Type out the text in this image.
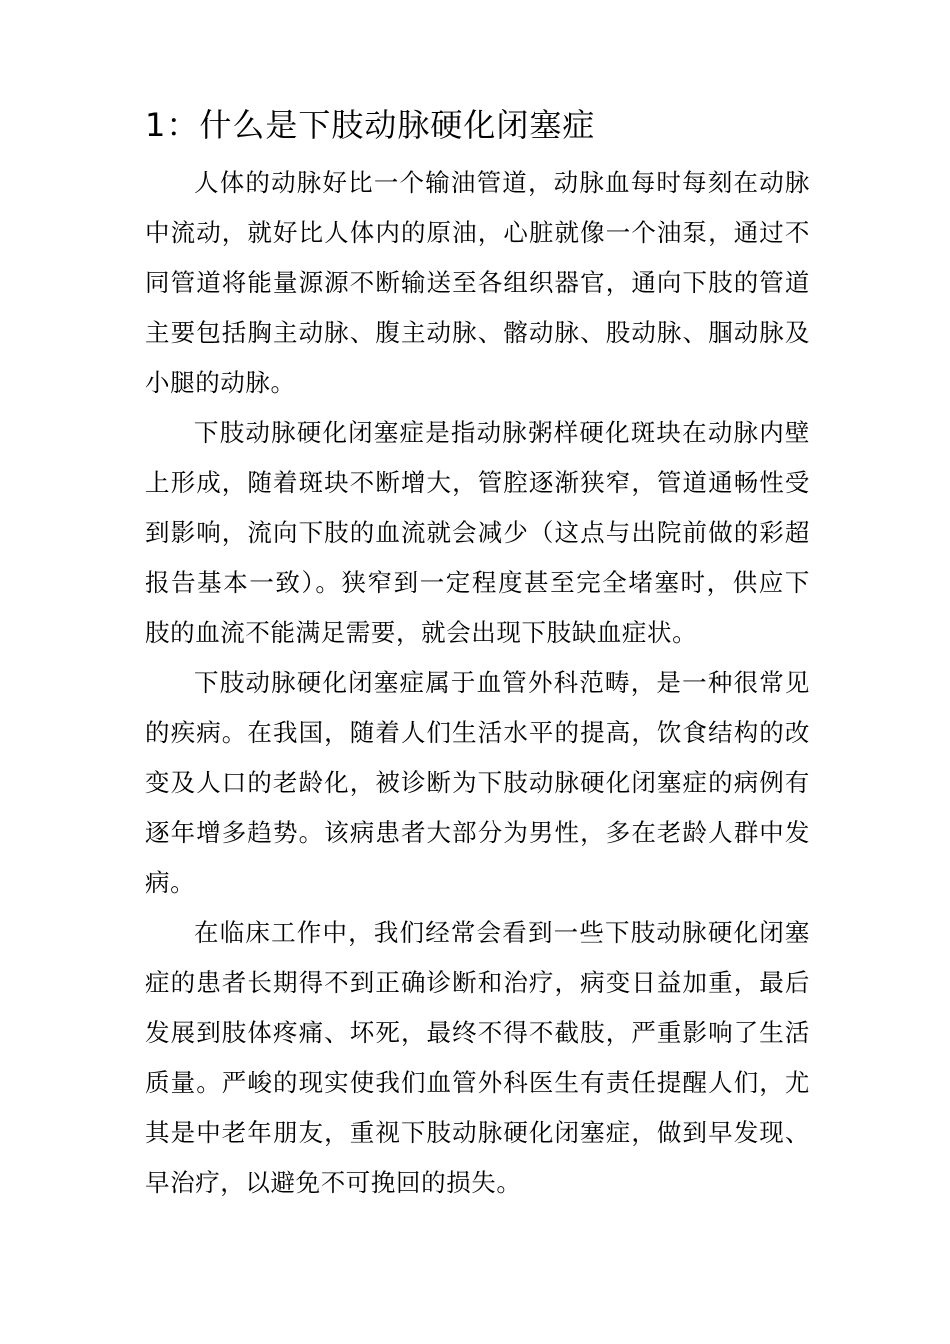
1：什么是下肢动脉硬化闭塞症

人体的动脉好比一个输油管道，动脉血每时每刻在动脉中流动，就好比人体内的原油，心脏就像一个油泵，通过不同管道将能量源源不断输送至各组织器官，通向下肢的管道主要包括胸主动脉、腹主动脉、髂动脉、股动脉、腘动脉及小腿的动脉。

下肢动脉硬化闭塞症是指动脉粥样硬化斑块在动脉内壁上形成，随着斑块不断增大，管腔逐渐狭窄，管道通畅性受到影响，流向下肢的血流就会减少（这点与出院前做的彩超报告基本一致）。狭窄到一定程度甚至完全堵塞时，供应下肢的血流不能满足需要，就会出现下肢缺血症状。

下肢动脉硬化闭塞症属于血管外科范畴，是一种很常见的疾病。在我国，随着人们生活水平的提高，饮食结构的改变及人口的老龄化，被诊断为下肢动脉硬化闭塞症的病例有逐年增多趋势。该病患者大部分为男性，多在老龄人群中发病。

在临床工作中，我们经常会看到一些下肢动脉硬化闭塞症的患者长期得不到正确诊断和治疗，病变日益加重，最后发展到肢体疼痛、坏死，最终不得不截肢，严重影响了生活质量。严峻的现实使我们血管外科医生有责任提醒人们，尤其是中老年朋友，重视下肢动脉硬化闭塞症，做到早发现、早治疗，以避免不可挽回的损失。
